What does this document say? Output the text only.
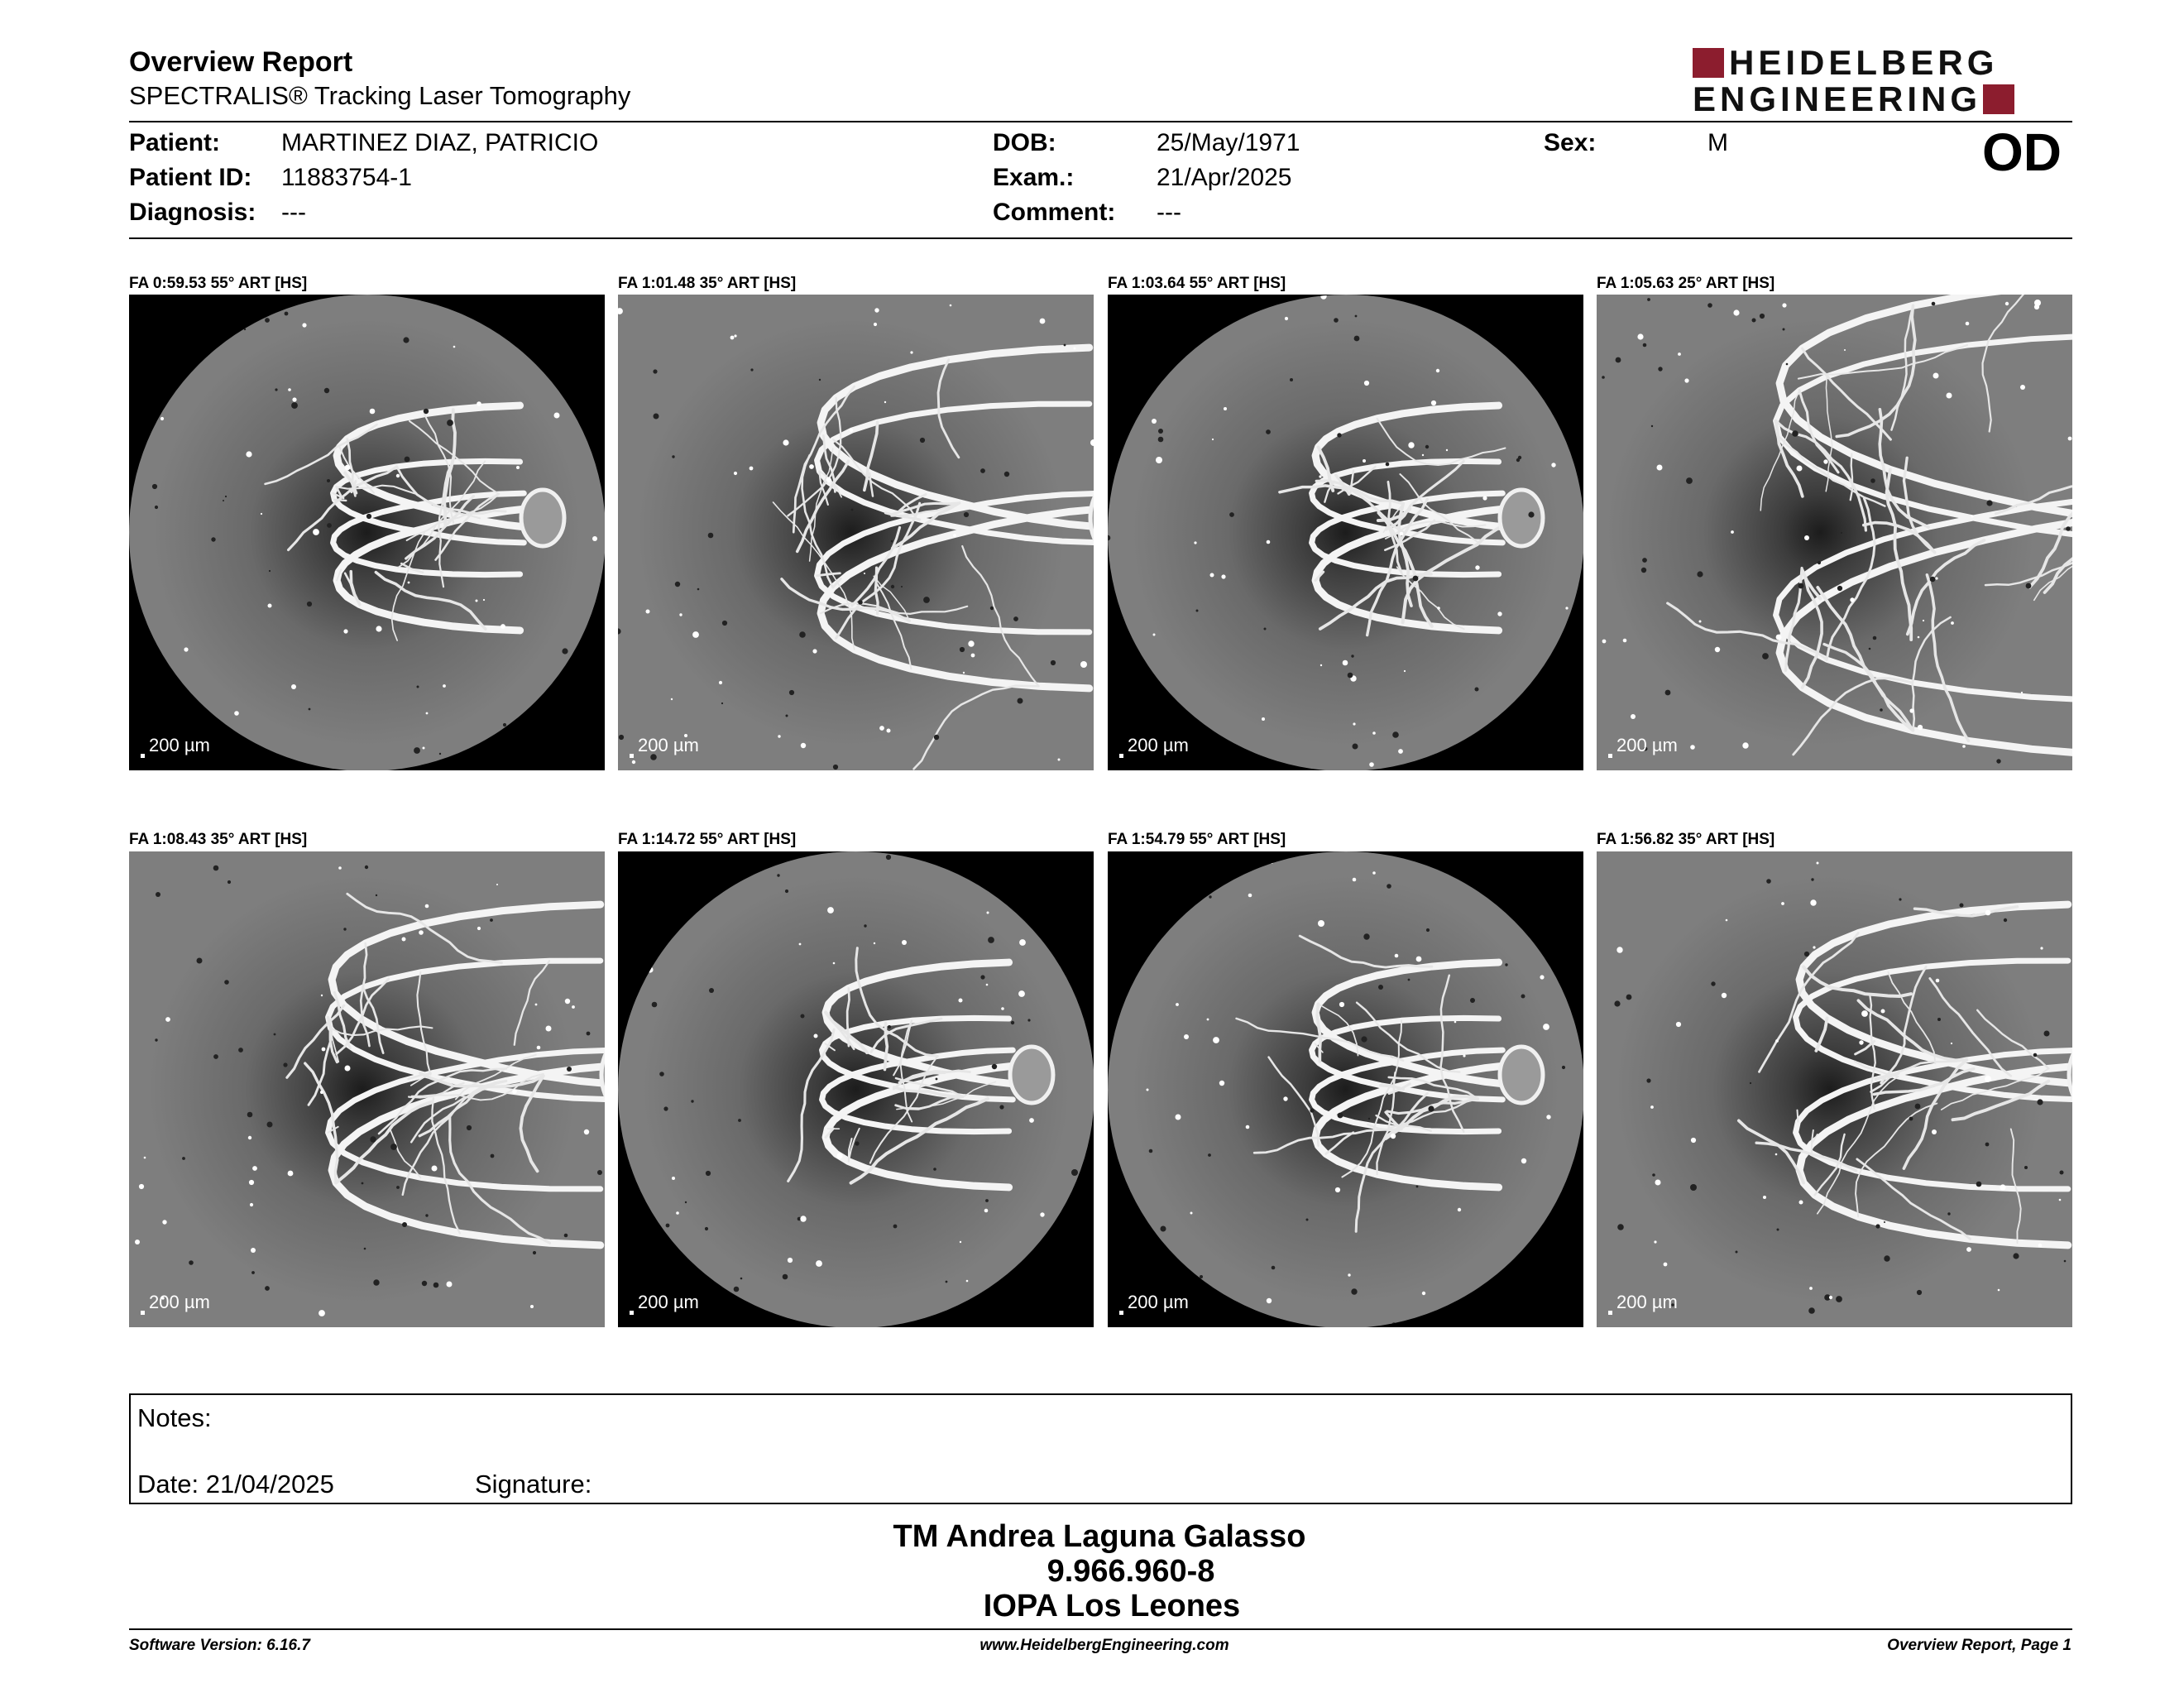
Overview Report
SPECTRALIS® Tracking Laser Tomography
HEIDELBERG
ENGINEERING
Patient: MARTINEZ DIAZ, PATRICIO
Patient ID: 11883754-1
Diagnosis: ---
DOB:	25/May/1971
Exam.:	21/Apr/2025
Comment: ---
Sex:	M	OD
FA 0:59.53 55° ART [HS]
200 µm
FA 1:01.48 35° ART [HS]
200 µm
FA 1:03.64 55° ART [HS]
200 µm
FA 1:05.63 25° ART [HS]
200 µm
FA 1:08.43 35° ART [HS]
200 µm
FA 1:14.72 55° ART [HS]
200 µm
FA 1:54.79 55° ART [HS]
200 µm
FA 1:56.82 35° ART [HS]
200 µm
Notes:
Date: 21/04/2025	Signature:
TM Andrea Laguna Galasso
9.966.960-8
IOPA Los Leones
Software Version: 6.16.7	www.HeidelbergEngineering.com	Overview Report, Page 1
